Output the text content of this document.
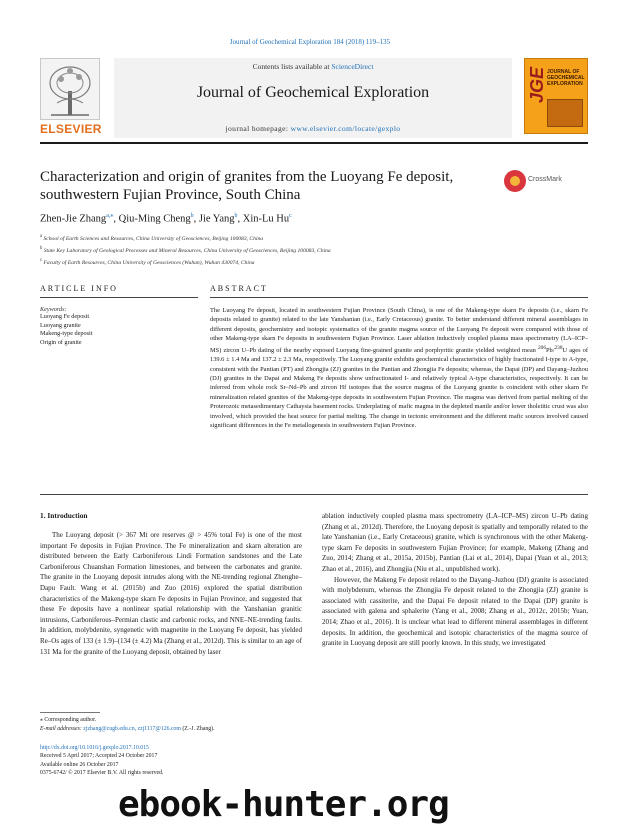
Journal of Geochemical Exploration 184 (2018) 119–135
ELSEVIER
Contents lists available at ScienceDirect
Journal of Geochemical Exploration
journal homepage: www.elsevier.com/locate/gexplo
JGE JOURNAL OF GEOCHEMICAL EXPLORATION
Characterization and origin of granites from the Luoyang Fe deposit,
southwestern Fujian Province, South China
CrossMark
Zhen-Jie Zhang$^{a,⁎}$, Qiu-Ming Cheng$^b$, Jie Yang$^b$, Xin-Lu Hu$^c$
$^a$ School of Earth Sciences and Resources, China University of Geosciences, Beijing 100083, China
$^b$ State Key Laboratory of Geological Processes and Mineral Resources, China University of Geosciences, Beijing 100083, China
$^c$ Faculty of Earth Resources, China University of Geosciences (Wuhan), Wuhan 430074, China
ARTICLE INFO	ABSTRACT
Keywords:
Luoyang Fe deposit
Luoyang granite
Makeng-type deposit
Origin of granite
The Luoyang Fe deposit, located in southwestern Fujian Province (South China), is one of the Makeng-type skarn Fe deposits (i.e., skarn Fe deposits related to granite) related to the late Yanshanian (i.e., Early Cretaceous) granite. To better understand different mineral assemblages in different deposits, geochemistry and isotopic systematics of the granite magma source of the Luoyang Fe deposit were compared with those of other Makeng-type skarn Fe deposits in southwestern Fujian Province. Laser ablation inductively coupled plasma mass spectrometry (LA–ICP–MS) zircon U–Pb dating of the nearby exposed Luoyang fine-grained granite and porphyritic granite yielded weighted mean $^{206}$Pb/$^{238}$U ages of 139.6 ± 1.4 Ma and 137.2 ± 2.3 Ma, respectively. The Luoyang granite exhibits geochemical characteristics of highly fractionated I-type to A-type, consistent with the Pantian (PT) and Zhongjia (ZJ) granites in the Pantian and Zhongjia Fe deposits; whereas, the Dapai (DP) and Dayang–Juzhou (DJ) granites in the Dapai and Makeng Fe deposits show unfractionated I- and relatively typical A-type characteristics, respectively. It can be inferred from whole rock Sr–Nd–Pb and zircon Hf isotopes that the source magma of the Luoyang granite is coincident with other skarn Fe mineralization related granites of the Makeng-type deposits in southwestern Fujian Province. The magma was derived from partial melting of the Proterozoic metasedimentary Cathaysia basement rocks. Underplating of mafic magma in the depleted mantle and/or lower tholeiitic crust was also involved, which provided the heat source for partial melting. The change in tectonic environment and the different mafic sources involved caused significant differences in the Fe metallogenesis in southwestern Fujian Province.
1. Introduction
The Luoyang deposit (> 367 Mt ore reserves @ > 45% total Fe) is one of the most important Fe deposits in Fujian Province. The Fe mineralization and skarn alteration are distributed between the Early Carboniferous Lindi Formation sandstones and the Late Carboniferous Chuanshan Formation limestones, and between the carbonates and granite. The granite in the Luoyang deposit intrudes along with the NE-trending regional Zhenghe–Dapu Fault. Wang et al. (2015b) and Zuo (2016) explored the spatial distribution characteristics of the Makeng-type skarn Fe deposits in Fujian Province, and suggested that these Fe deposits have a nonlinear spatial relationship with the Yanshanian granitic intrusions, Carboniferous–Permian clastic and carbonic rocks, and NNE–NE-trending faults. In addition, molybdenite, syngenetic with magnetite in the Luoyang Fe deposit, has yielded Re–Os ages of 133 (± 1.9)–(134 (± 4.2) Ma (Zhang et al., 2012d). This is similar to an age of 131 Ma for the granite of the Luoyang deposit, obtained by laser
ablation inductively coupled plasma mass spectrometry (LA–ICP–MS) zircon U–Pb dating (Zhang et al., 2012d). Therefore, the Luoyang deposit is spatially and temporally related to the late Yanshanian (i.e., Early Cretaceous) granite, which is synchronous with the other Makeng-type skarn Fe deposits in southwestern Fujian Province; for example, Makeng (Zhang and Zuo, 2014; Zhang et al., 2015a, 2015b), Pantian (Lai et al., 2014), Dapai (Yuan et al., 2013; Zhao et al., 2016), and Zhongjia (Niu et al., unpublished work).
However, the Makeng Fe deposit related to the Dayang–Juzhou (DJ) granite is associated with molybdenum, whereas the Zhongjia Fe deposit related to the Zhongjia (ZJ) granite is associated with cassiterite, and the Dapai Fe deposit related to the Dapai (DP) granite is associated with galena and sphalerite (Yang et al., 2008; Zhang et al., 2012c, 2015b; Yuan, 2014; Zhao et al., 2016). It is unclear what lead to different mineral assemblages in different deposits. In addition, the geochemical and isotopic characteristics of the magma source of granite in Luoyang deposit are still poorly known. In this study, we investigated
⁎ Corresponding author.
E-mail addresses: zjzhang@cugb.edu.cn, zzj1117@126.com (Z.-J. Zhang).
http://dx.doi.org/10.1016/j.gexplo.2017.10.015
Received 5 April 2017; Accepted 24 October 2017
Available online 26 October 2017
0375-6742/ © 2017 Elsevier B.V. All rights reserved.
ebook-hunter.org
